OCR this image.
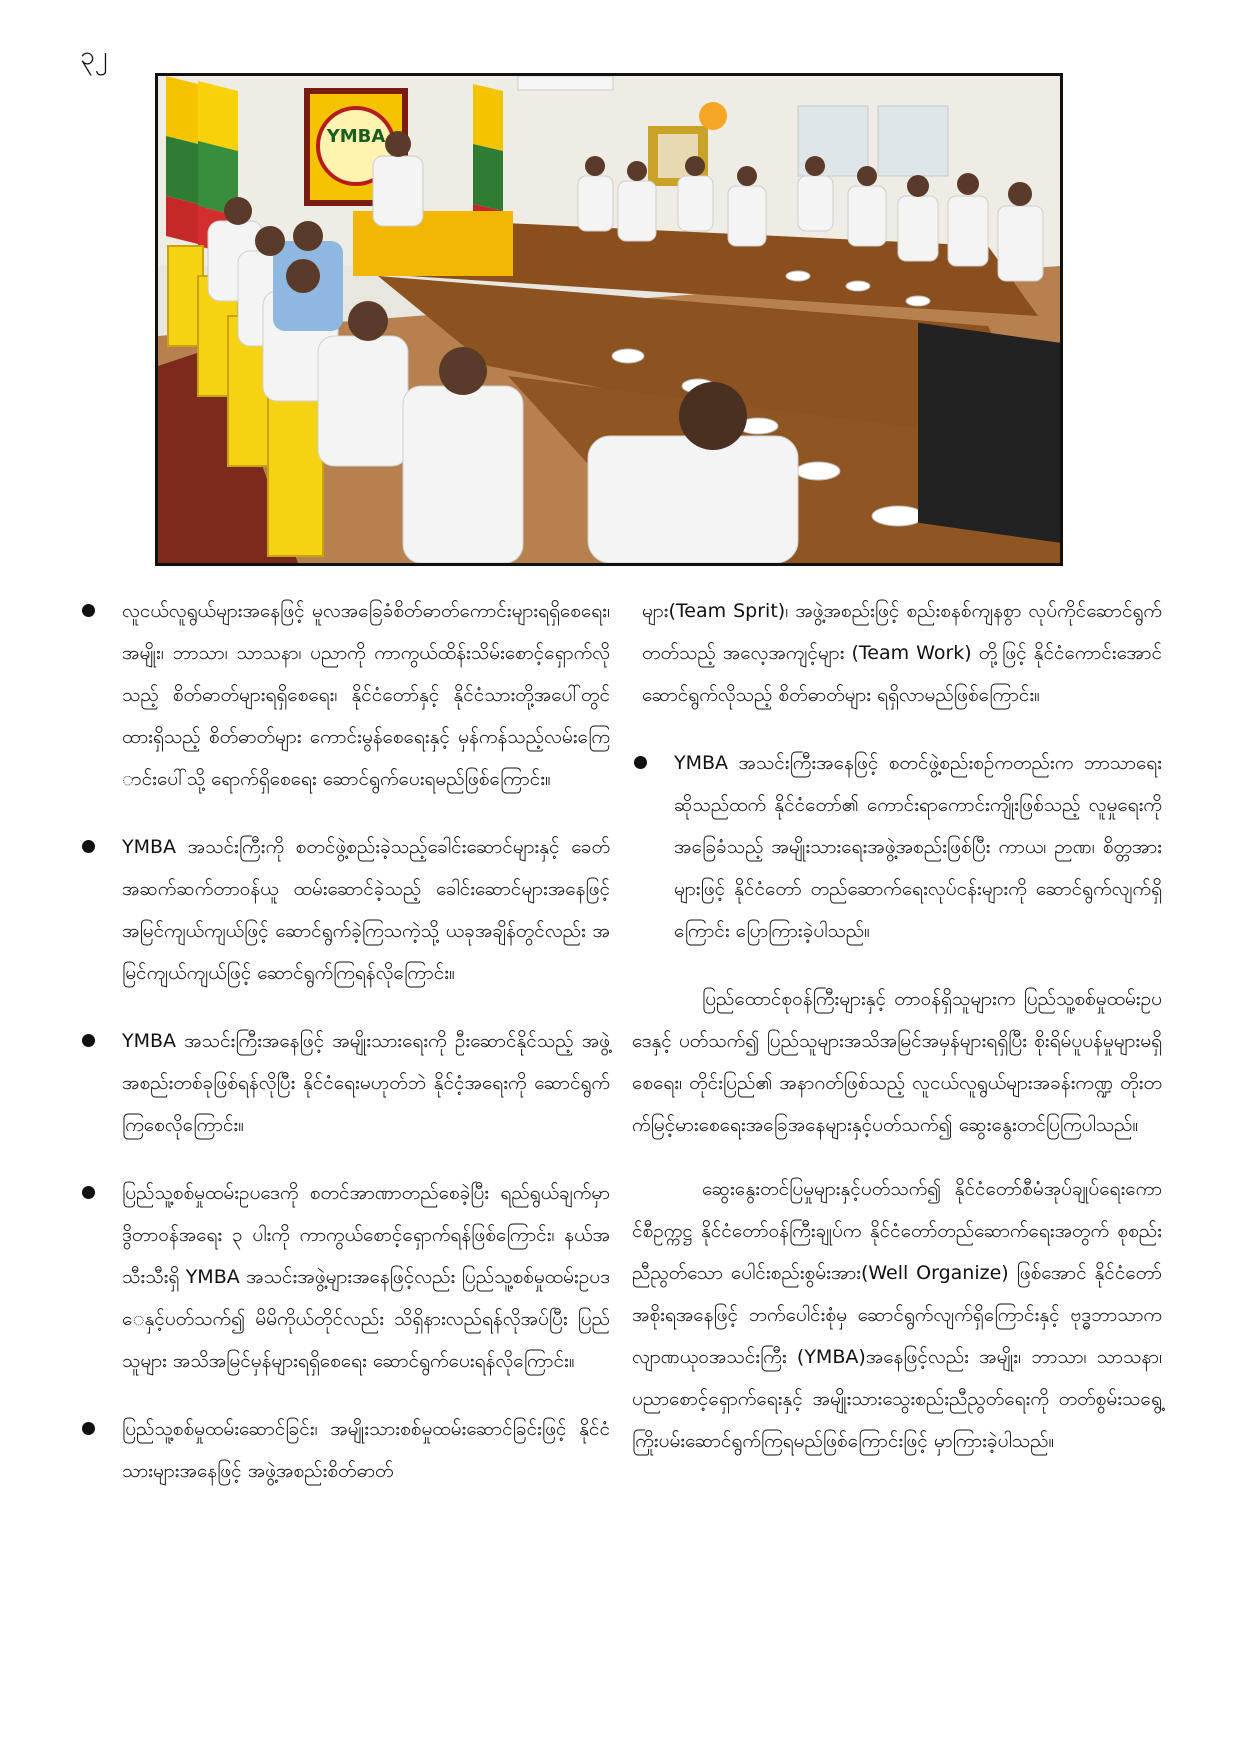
၃၂
YMBA

လူငယ်လူရွယ်များအနေဖြင့် မူလအခြေခံစိတ်ဓာတ်ကောင်းများရရှိစေရေး၊ အမျိုး၊ ဘာသာ၊ သာသနာ၊ ပညာကို ကာကွယ်ထိန်းသိမ်းစောင့်ရှောက်လိုသည့် စိတ်ဓာတ်များရရှိစေရေး၊ နိုင်ငံတော်နှင့် နိုင်ငံသားတို့အပေါ်တွင် ထားရှိသည့် စိတ်ဓာတ်များ ကောင်းမွန်စေရေးနှင့် မှန်ကန်သည့်လမ်းကြောင်းပေါ်သို့ ရောက်ရှိစေရေး ဆောင်ရွက်ပေးရမည်ဖြစ်ကြောင်း။

YMBA အသင်းကြီးကို စတင်ဖွဲ့စည်းခဲ့သည့်ခေါင်းဆောင်များနှင့် ခေတ်အဆက်ဆက်တာဝန်ယူ ထမ်းဆောင်ခဲ့သည့် ခေါင်းဆောင်များအနေဖြင့် အမြင်ကျယ်ကျယ်ဖြင့် ဆောင်ရွက်ခဲ့ကြသကဲ့သို့ ယခုအချိန်တွင်လည်း အမြင်ကျယ်ကျယ်ဖြင့် ဆောင်ရွက်ကြရန်လိုကြောင်း။

YMBA အသင်းကြီးအနေဖြင့် အမျိုးသားရေးကို ဦးဆောင်နိုင်သည့် အဖွဲ့အစည်းတစ်ခုဖြစ်ရန်လိုပြီး နိုင်ငံရေးမဟုတ်ဘဲ နိုင်ငံ့အရေးကို ဆောင်ရွက်ကြစေလိုကြောင်း။

ပြည်သူ့စစ်မှုထမ်းဥပဒေကို စတင်အာဏာတည်စေခဲ့ပြီး ရည်ရွယ်ချက်မှာ ဒွိတာဝန်အရေး ၃ ပါးကို ကာကွယ်စောင့်ရှောက်ရန်ဖြစ်ကြောင်း၊ နယ်အသီးသီးရှိ YMBA အသင်းအဖွဲ့များအနေဖြင့်လည်း ပြည်သူ့စစ်မှုထမ်းဥပဒေနှင့်ပတ်သက်၍ မိမိကိုယ်တိုင်လည်း သိရှိနားလည်ရန်လိုအပ်ပြီး ပြည်သူများ အသိအမြင်မှန်များရရှိစေရေး ဆောင်ရွက်ပေးရန်လိုကြောင်း။

ပြည်သူ့စစ်မှုထမ်းဆောင်ခြင်း၊ အမျိုးသားစစ်မှုထမ်းဆောင်ခြင်းဖြင့် နိုင်ငံသားများအနေဖြင့် အဖွဲ့အစည်းစိတ်ဓာတ်

များ(Team Sprit)၊ အဖွဲ့အစည်းဖြင့် စည်းစနစ်ကျနစွာ လုပ်ကိုင်ဆောင်ရွက်တတ်သည့် အလေ့အကျင့်များ (Team Work) တို့ဖြင့် နိုင်ငံကောင်းအောင် ဆောင်ရွက်လိုသည့် စိတ်ဓာတ်များ ရရှိလာမည်ဖြစ်ကြောင်း။

YMBA အသင်းကြီးအနေဖြင့် စတင်ဖွဲ့စည်းစဉ်ကတည်းက ဘာသာရေးဆိုသည်ထက် နိုင်ငံတော်၏ ကောင်းရာကောင်းကျိုးဖြစ်သည့် လူမှုရေးကို အခြေခံသည့် အမျိုးသားရေးအဖွဲ့အစည်းဖြစ်ပြီး ကာယ၊ ဉာဏ၊ စိတ္တအားများဖြင့် နိုင်ငံတော် တည်ဆောက်ရေးလုပ်ငန်းများကို ဆောင်ရွက်လျက်ရှိကြောင်း ပြောကြားခဲ့ပါသည်။

ပြည်ထောင်စုဝန်ကြီးများနှင့် တာဝန်ရှိသူများက ပြည်သူ့စစ်မှုထမ်းဥပဒေနှင့် ပတ်သက်၍ ပြည်သူများအသိအမြင်အမှန်များရရှိပြီး စိုးရိမ်ပူပန်မှုများမရှိစေရေး၊ တိုင်းပြည်၏ အနာဂတ်ဖြစ်သည့် လူငယ်လူရွယ်များအခန်းကဏ္ဍ တိုးတက်မြင့်မားစေရေးအခြေအနေများနှင့်ပတ်သက်၍ ဆွေးနွေးတင်ပြကြပါသည်။

ဆွေးနွေးတင်ပြမှုများနှင့်ပတ်သက်၍ နိုင်ငံတော်စီမံအုပ်ချုပ်ရေးကောင်စီဥက္ကဋ္ဌ နိုင်ငံတော်ဝန်ကြီးချုပ်က နိုင်ငံတော်တည်ဆောက်ရေးအတွက် စုစည်းညီညွတ်သော ပေါင်းစည်းစွမ်းအား(Well Organize) ဖြစ်အောင် နိုင်ငံတော်အစိုးရအနေဖြင့် ဘက်ပေါင်းစုံမှ ဆောင်ရွက်လျက်ရှိကြောင်းနှင့် ဗုဒ္ဓဘာသာကလျာဏယုဝအသင်းကြီး (YMBA)အနေဖြင့်လည်း အမျိုး၊ ဘာသာ၊ သာသနာ၊ ပညာစောင့်ရှောက်ရေးနှင့် အမျိုးသားသွေးစည်းညီညွတ်ရေးကို တတ်စွမ်းသရွေ့ ကြိုးပမ်းဆောင်ရွက်ကြရမည်ဖြစ်ကြောင်းဖြင့် မှာကြားခဲ့ပါသည်။
